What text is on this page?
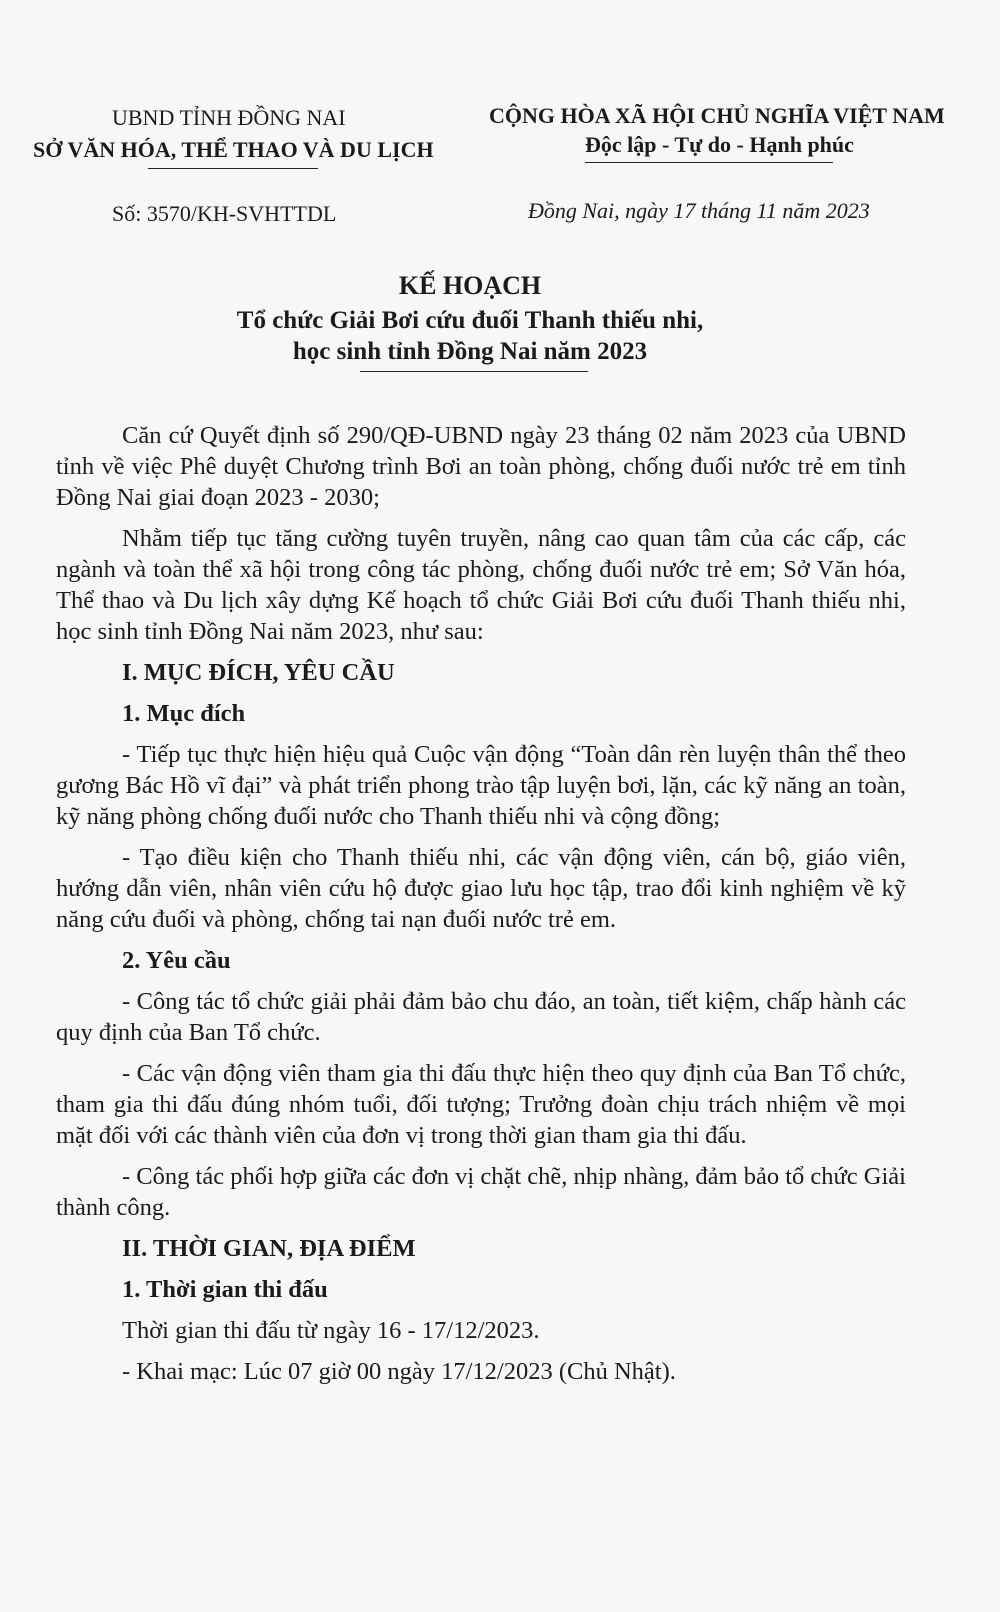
UBND TỈNH ĐỒNG NAI
SỞ VĂN HÓA, THỂ THAO VÀ DU LỊCH
CỘNG HÒA XÃ HỘI CHỦ NGHĨA VIỆT NAM
Độc lập - Tự do - Hạnh phúc
Số: 3570/KH-SVHTTDL	Đồng Nai, ngày 17 tháng 11 năm 2023
KẾ HOẠCH
Tổ chức Giải Bơi cứu đuối Thanh thiếu nhi,
học sinh tỉnh Đồng Nai năm 2023

Căn cứ Quyết định số 290/QĐ-UBND ngày 23 tháng 02 năm 2023 của UBND tỉnh về việc Phê duyệt Chương trình Bơi an toàn phòng, chống đuối nước trẻ em tỉnh Đồng Nai giai đoạn 2023 - 2030;

Nhằm tiếp tục tăng cường tuyên truyền, nâng cao quan tâm của các cấp, các ngành và toàn thể xã hội trong công tác phòng, chống đuối nước trẻ em; Sở Văn hóa, Thể thao và Du lịch xây dựng Kế hoạch tổ chức Giải Bơi cứu đuối Thanh thiếu nhi, học sinh tỉnh Đồng Nai năm 2023, như sau:

I. MỤC ĐÍCH, YÊU CẦU

1. Mục đích

- Tiếp tục thực hiện hiệu quả Cuộc vận động “Toàn dân rèn luyện thân thể theo gương Bác Hồ vĩ đại” và phát triển phong trào tập luyện bơi, lặn, các kỹ năng an toàn, kỹ năng phòng chống đuối nước cho Thanh thiếu nhi và cộng đồng;

- Tạo điều kiện cho Thanh thiếu nhi, các vận động viên, cán bộ, giáo viên, hướng dẫn viên, nhân viên cứu hộ được giao lưu học tập, trao đổi kinh nghiệm về kỹ năng cứu đuối và phòng, chống tai nạn đuối nước trẻ em.

2. Yêu cầu

- Công tác tổ chức giải phải đảm bảo chu đáo, an toàn, tiết kiệm, chấp hành các quy định của Ban Tổ chức.

- Các vận động viên tham gia thi đấu thực hiện theo quy định của Ban Tổ chức, tham gia thi đấu đúng nhóm tuổi, đối tượng; Trưởng đoàn chịu trách nhiệm về mọi mặt đối với các thành viên của đơn vị trong thời gian tham gia thi đấu.

- Công tác phối hợp giữa các đơn vị chặt chẽ, nhịp nhàng, đảm bảo tổ chức Giải thành công.

II. THỜI GIAN, ĐỊA ĐIỂM

1. Thời gian thi đấu

Thời gian thi đấu từ ngày 16 - 17/12/2023.

- Khai mạc: Lúc 07 giờ 00 ngày 17/12/2023 (Chủ Nhật).
